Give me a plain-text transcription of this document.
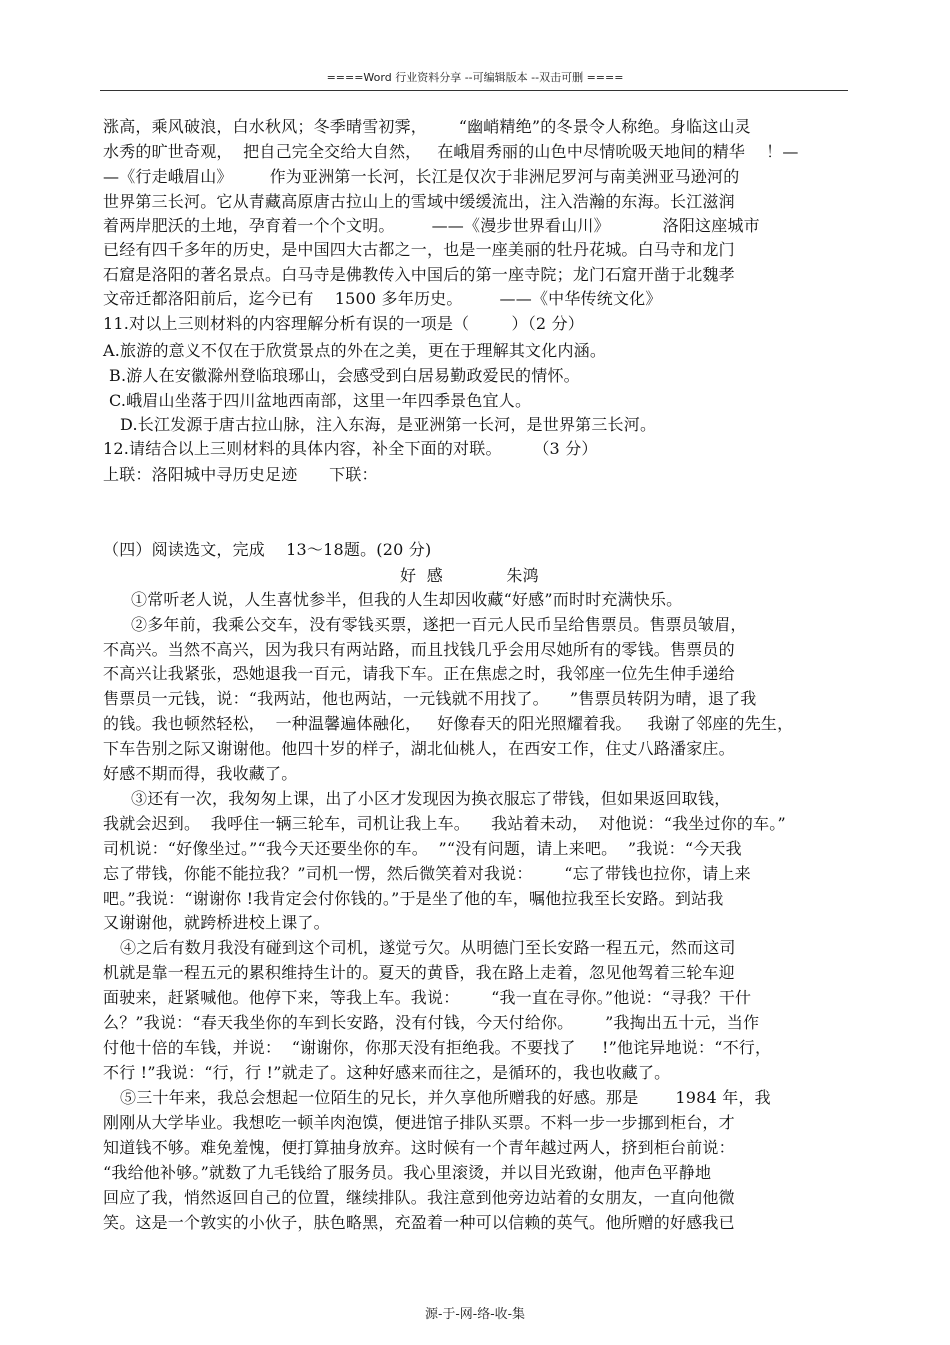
====Word 行业资料分享 --可编辑版本 --双击可删 ====
涨高，乘风破浪，白水秋风；冬季晴雪初霁，      “幽峭精绝”的冬景令人称绝。身临这山灵
水秀的旷世奇观，  把自己完全交给大自然，   在峨眉秀丽的山色中尽情吮吸天地间的精华    ！—
—《行走峨眉山》       作为亚洲第一长河，长江是仅次于非洲尼罗河与南美洲亚马逊河的
世界第三长河。它从青藏高原唐古拉山上的雪域中缓缓流出，注入浩瀚的东海。长江滋润
着两岸肥沃的土地，孕育着一个个文明。       ——《漫步世界看山川》          洛阳这座城市
已经有四千多年的历史，是中国四大古都之一，也是一座美丽的牡丹花城。白马寺和龙门
石窟是洛阳的著名景点。白马寺是佛教传入中国后的第一座寺院；龙门石窟开凿于北魏孝
文帝迁都洛阳前后，迄今已有    1500 多年历史。       ——《中华传统文化》
11.对以上三则材料的内容理解分析有误的一项是（        ）（2 分）
A.旅游的意义不仅在于欣赏景点的外在之美，更在于理解其文化内涵。
B.游人在安徽滁州登临琅琊山，会感受到白居易勤政爱民的情怀。
C.峨眉山坐落于四川盆地西南部，这里一年四季景色宜人。
D.长江发源于唐古拉山脉，注入东海，是亚洲第一长河，是世界第三长河。
12.请结合以上三则材料的具体内容，补全下面的对联。      （3 分）
上联：洛阳城中寻历史足迹      下联：
（四）阅读选文，完成    13～18题。(20 分)
好  感            朱鸿
①常听老人说，人生喜忧参半，但我的人生却因收藏“好感”而时时充满快乐。
②多年前，我乘公交车，没有零钱买票，遂把一百元人民币呈给售票员。售票员皱眉，
不高兴。当然不高兴，因为我只有两站路，而且找钱几乎会用尽她所有的零钱。售票员的
不高兴让我紧张，恐她退我一百元，请我下车。正在焦虑之时，我邻座一位先生伸手递给
售票员一元钱，说：“我两站，他也两站，一元钱就不用找了。    ”售票员转阴为晴，退了我
的钱。我也顿然轻松，  一种温馨遍体融化，   好像春天的阳光照耀着我。   我谢了邻座的先生，
下车告别之际又谢谢他。他四十岁的样子，湖北仙桃人，在西安工作，住丈八路潘家庄。
好感不期而得，我收藏了。
③还有一次，我匆匆上课，出了小区才发现因为换衣服忘了带钱，但如果返回取钱，
我就会迟到。  我呼住一辆三轮车，司机让我上车。    我站着未动，  对他说：“我坐过你的车。”
司机说：“好像坐过。”“我今天还要坐你的车。  ”“没有问题，请上来吧。  ”我说：“今天我
忘了带钱，你能不能拉我？”司机一愣，然后微笑着对我说：      “忘了带钱也拉你，请上来
吧。”我说：“谢谢你 !我肯定会付你钱的。”于是坐了他的车，嘱他拉我至长安路。到站我
又谢谢他，就跨桥进校上课了。
④之后有数月我没有碰到这个司机，遂觉亏欠。从明德门至长安路一程五元，然而这司
机就是靠一程五元的累积维持生计的。夏天的黄昏，我在路上走着，忽见他驾着三轮车迎
面驶来，赶紧喊他。他停下来，等我上车。我说：      “我一直在寻你。”他说：“寻我？干什
么？”我说：“春天我坐你的车到长安路，没有付钱，今天付给你。      ”我掏出五十元，当作
付他十倍的车钱，并说：  “谢谢你，你那天没有拒绝我。不要找了     !”他诧异地说：“不行，
不行 !”我说：“行，行 !”就走了。这种好感来而往之，是循环的，我也收藏了。
⑤三十年来，我总会想起一位陌生的兄长，并久享他所赠我的好感。那是       1984 年，我
刚刚从大学毕业。我想吃一顿羊肉泡馍，便进馆子排队买票。不料一步一步挪到柜台，才
知道钱不够。难免羞愧，便打算抽身放弃。这时候有一个青年越过两人，挤到柜台前说：
“我给他补够。”就数了九毛钱给了服务员。我心里滚烫，并以目光致谢，他声色平静地
回应了我，悄然返回自己的位置，继续排队。我注意到他旁边站着的女朋友，一直向他微
笑。这是一个敦实的小伙子，肤色略黑，充盈着一种可以信赖的英气。他所赠的好感我已
源-于-网-络-收-集
